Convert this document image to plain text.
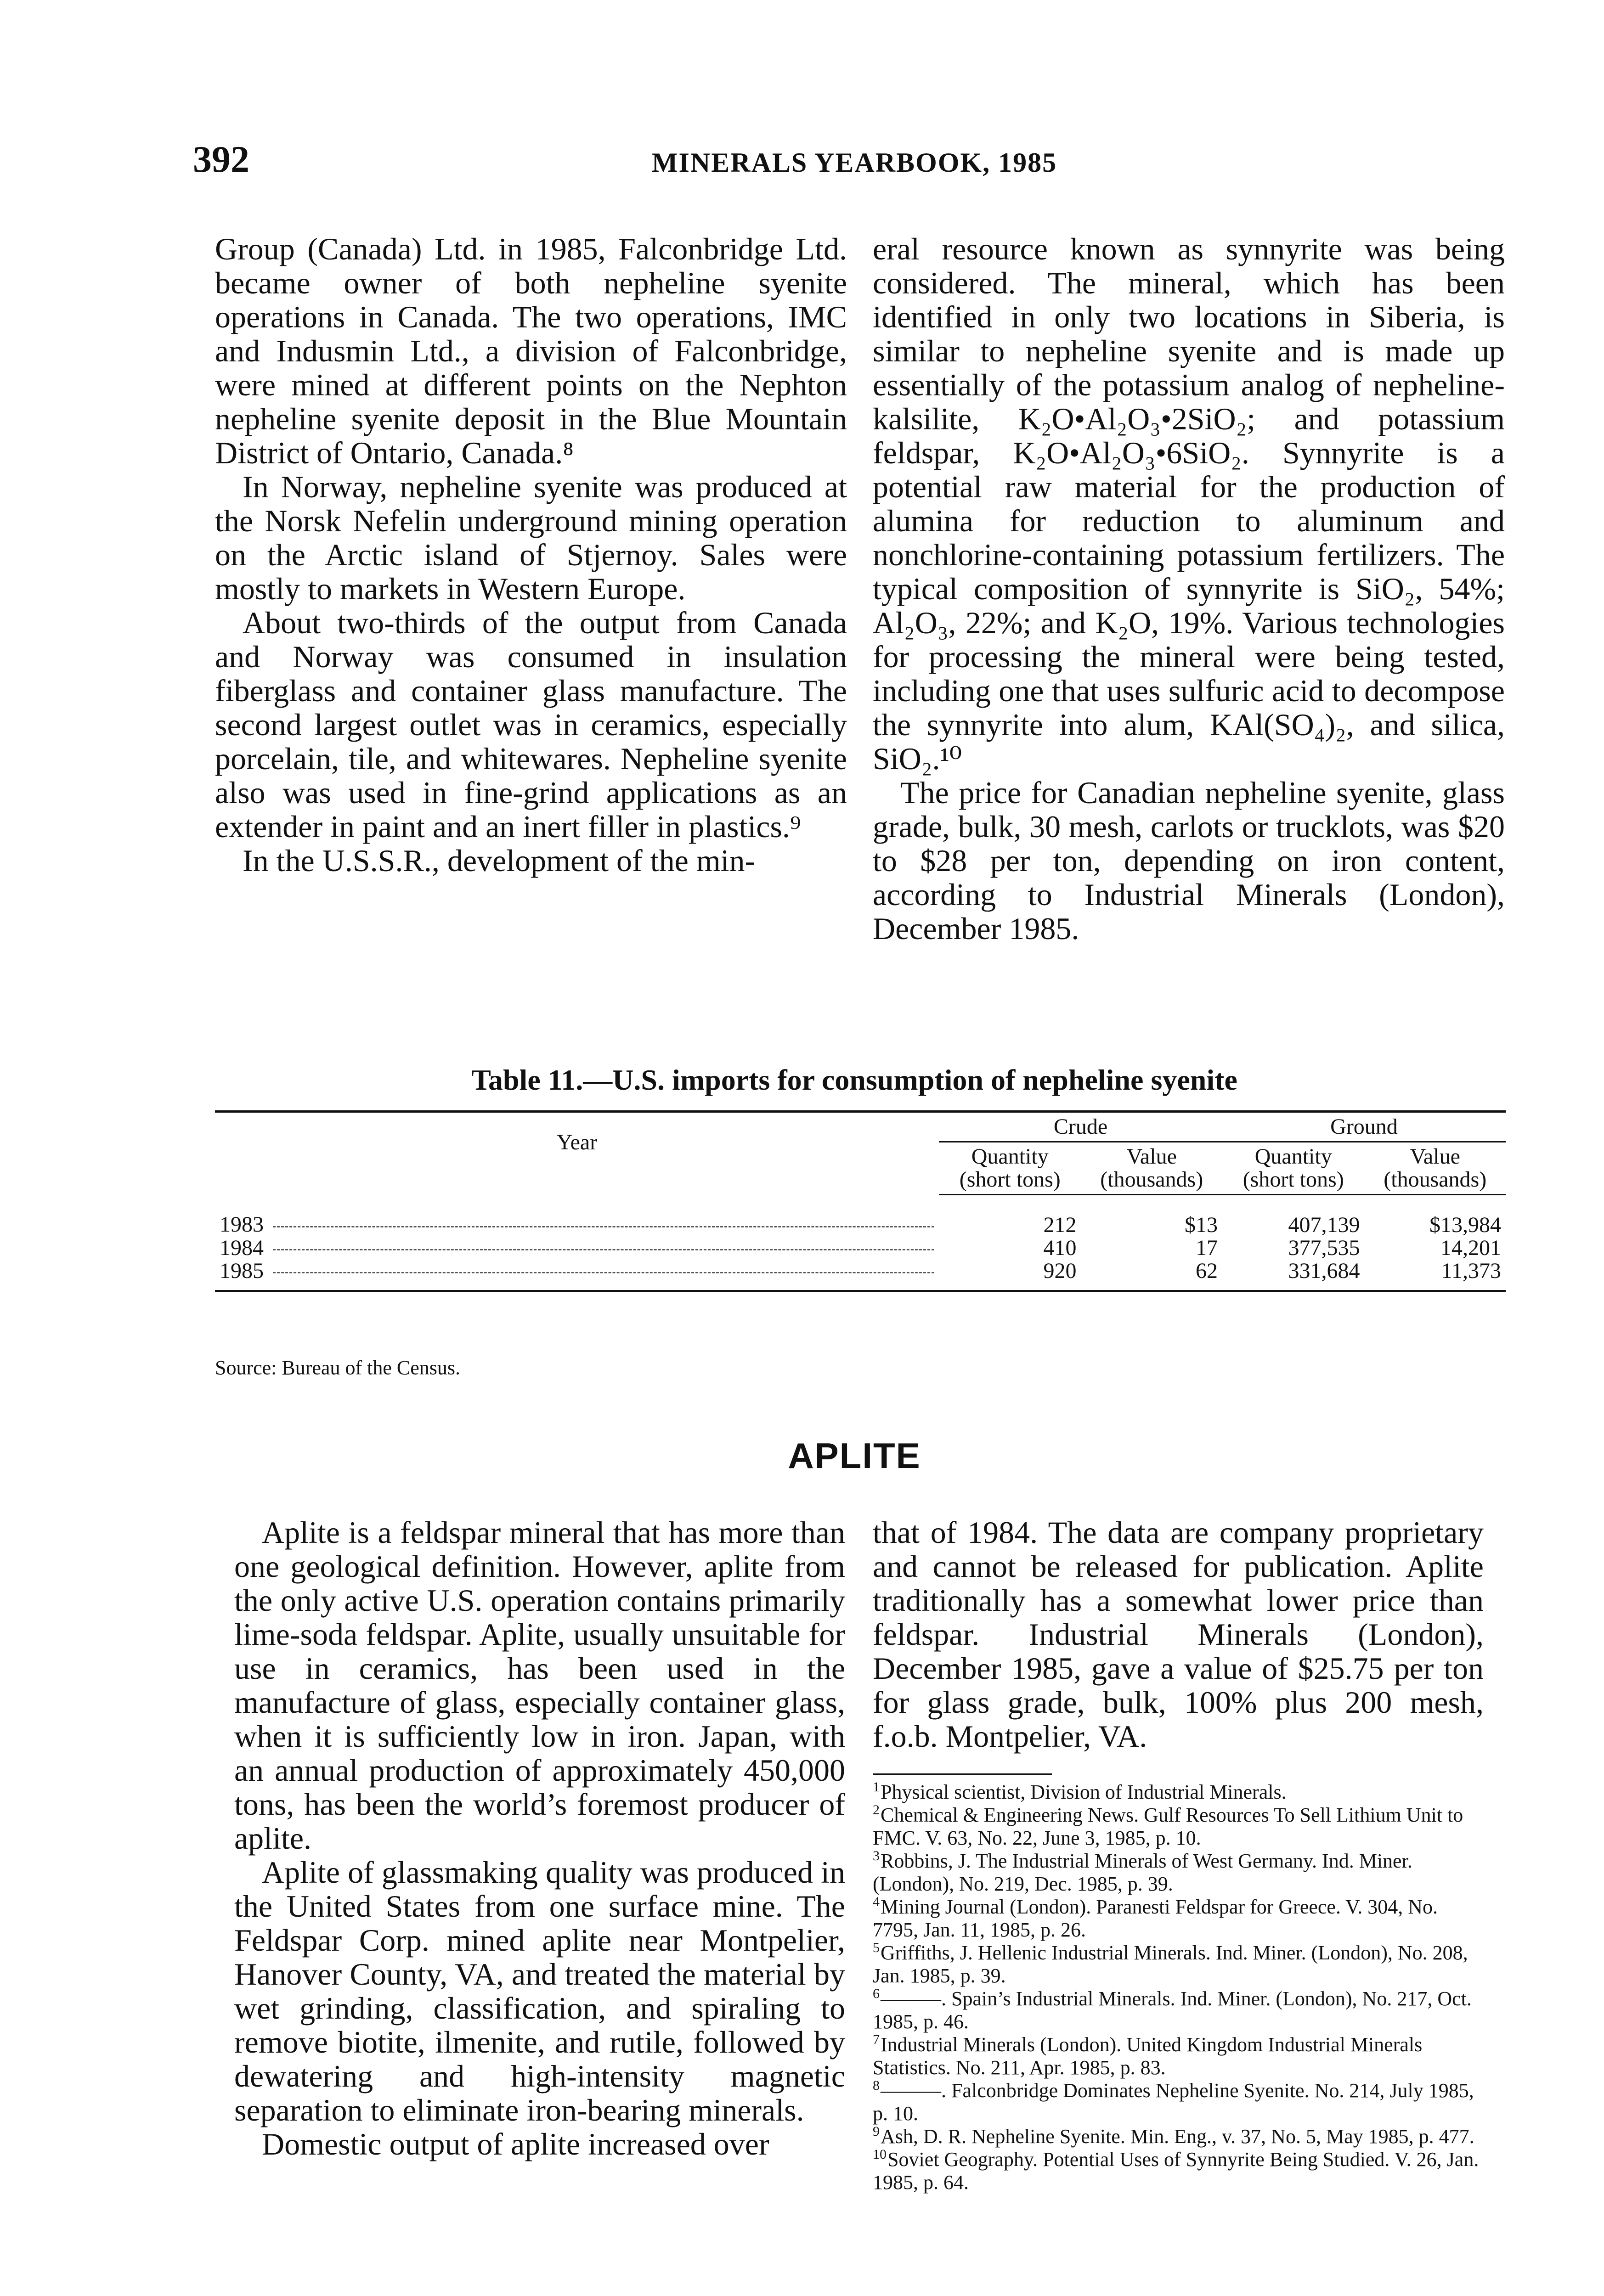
392	MINERALS YEARBOOK, 1985

Group (Canada) Ltd. in 1985, Falconbridge Ltd. became owner of both nepheline syenite operations in Canada. The two operations, IMC and Indusmin Ltd., a division of Falconbridge, were mined at different points on the Nephton nepheline syenite deposit in the Blue Mountain District of Ontario, Canada.⁸

In Norway, nepheline syenite was produced at the Norsk Nefelin underground mining operation on the Arctic island of Stjernoy. Sales were mostly to markets in Western Europe.

About two-thirds of the output from Canada and Norway was consumed in insulation fiberglass and container glass manufacture. The second largest outlet was in ceramics, especially porcelain, tile, and whitewares. Nepheline syenite also was used in fine-grind applications as an extender in paint and an inert filler in plastics.⁹

In the U.S.S.R., development of the min-

eral resource known as synnyrite was being considered. The mineral, which has been identified in only two locations in Siberia, is similar to nepheline syenite and is made up essentially of the potassium analog of nepheline-kalsilite, K₂O•Al₂O₃•2SiO₂; and potassium feldspar, K₂O•Al₂O₃•6SiO₂. Synnyrite is a potential raw material for the production of alumina for reduction to aluminum and nonchlorine-containing potassium fertilizers. The typical composition of synnyrite is SiO₂, 54%; Al₂O₃, 22%; and K₂O, 19%. Various technologies for processing the mineral were being tested, including one that uses sulfuric acid to decompose the synnyrite into alum, KAl(SO₄)₂, and silica, SiO₂.¹⁰

The price for Canadian nepheline syenite, glass grade, bulk, 30 mesh, carlots or trucklots, was $20 to $28 per ton, depending on iron content, according to Industrial Minerals (London), December 1985.

Table 11.—U.S. imports for consumption of nepheline syenite
Year	Crude		Ground	
	Quantity (short tons)	Value (thousands)	Quantity (short tons)	Value (thousands)
1983	212	$13	407,139	$13,984
1984	410	17	377,535	14,201
1985	920	62	331,684	11,373
Source: Bureau of the Census.
APLITE

Aplite is a feldspar mineral that has more than one geological definition. However, aplite from the only active U.S. operation contains primarily lime-soda feldspar. Aplite, usually unsuitable for use in ceramics, has been used in the manufacture of glass, especially container glass, when it is sufficiently low in iron. Japan, with an annual production of approximately 450,000 tons, has been the world’s foremost producer of aplite.

Aplite of glassmaking quality was produced in the United States from one surface mine. The Feldspar Corp. mined aplite near Montpelier, Hanover County, VA, and treated the material by wet grinding, classification, and spiraling to remove biotite, ilmenite, and rutile, followed by dewatering and high-intensity magnetic separation to eliminate iron-bearing minerals.

Domestic output of aplite increased over

that of 1984. The data are company proprietary and cannot be released for publication. Aplite traditionally has a somewhat lower price than feldspar. Industrial Minerals (London), December 1985, gave a value of $25.75 per ton for glass grade, bulk, 100% plus 200 mesh, f.o.b. Montpelier, VA.

$^1$Physical scientist, Division of Industrial Minerals.
$^2$Chemical & Engineering News. Gulf Resources To Sell Lithium Unit to FMC. V. 63, No. 22, June 3, 1985, p. 10.
$^3$Robbins, J. The Industrial Minerals of West Germany. Ind. Miner. (London), No. 219, Dec. 1985, p. 39.
$^4$Mining Journal (London). Paranesti Feldspar for Greece. V. 304, No. 7795, Jan. 11, 1985, p. 26.
$^5$Griffiths, J. Hellenic Industrial Minerals. Ind. Miner. (London), No. 208, Jan. 1985, p. 39.
$^6$———. Spain’s Industrial Minerals. Ind. Miner. (London), No. 217, Oct. 1985, p. 46.
$^7$Industrial Minerals (London). United Kingdom Industrial Minerals Statistics. No. 211, Apr. 1985, p. 83.
$^8$———. Falconbridge Dominates Nepheline Syenite. No. 214, July 1985, p. 10.
$^9$Ash, D. R. Nepheline Syenite. Min. Eng., v. 37, No. 5, May 1985, p. 477.
$^{10}$Soviet Geography. Potential Uses of Synnyrite Being Studied. V. 26, Jan. 1985, p. 64.
